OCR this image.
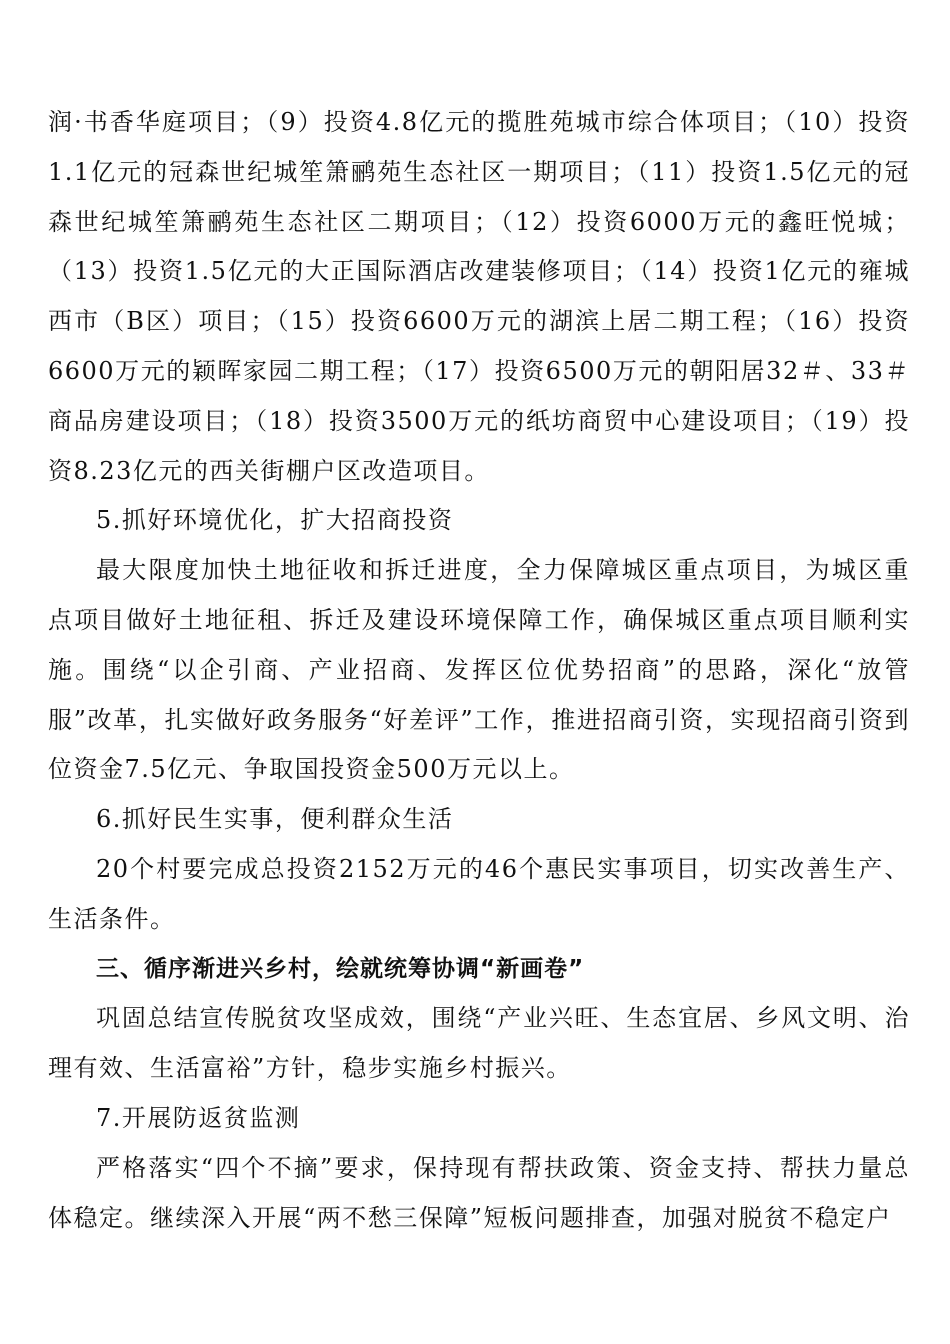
润·书香华庭项目；（9）投资4.8亿元的揽胜苑城市综合体项目；（10）投资1.1亿元的冠森世纪城笙箫鹂苑生态社区一期项目；（11）投资1.5亿元的冠森世纪城笙箫鹂苑生态社区二期项目；（12）投资6000万元的鑫旺悦城；（13）投资1.5亿元的大正国际酒店改建装修项目；（14）投资1亿元的雍城西市（B区）项目；（15）投资6600万元的湖滨上居二期工程；（16）投资6600万元的颖晖家园二期工程；（17）投资6500万元的朝阳居32＃、33＃商品房建设项目；（18）投资3500万元的纸坊商贸中心建设项目；（19）投资8.23亿元的西关街棚户区改造项目。

5.抓好环境优化，扩大招商投资

最大限度加快土地征收和拆迁进度，全力保障城区重点项目，为城区重点项目做好土地征租、拆迁及建设环境保障工作，确保城区重点项目顺利实施。围绕“以企引商、产业招商、发挥区位优势招商”的思路，深化“放管服”改革，扎实做好政务服务“好差评”工作，推进招商引资，实现招商引资到位资金7.5亿元、争取国投资金500万元以上。

6.抓好民生实事，便利群众生活

20个村要完成总投资2152万元的46个惠民实事项目，切实改善生产、生活条件。

三、循序渐进兴乡村，绘就统筹协调“新画卷”

巩固总结宣传脱贫攻坚成效，围绕“产业兴旺、生态宜居、乡风文明、治理有效、生活富裕”方针，稳步实施乡村振兴。

7.开展防返贫监测

严格落实“四个不摘”要求，保持现有帮扶政策、资金支持、帮扶力量总体稳定。继续深入开展“两不愁三保障”短板问题排查，加强对脱贫不稳定户
